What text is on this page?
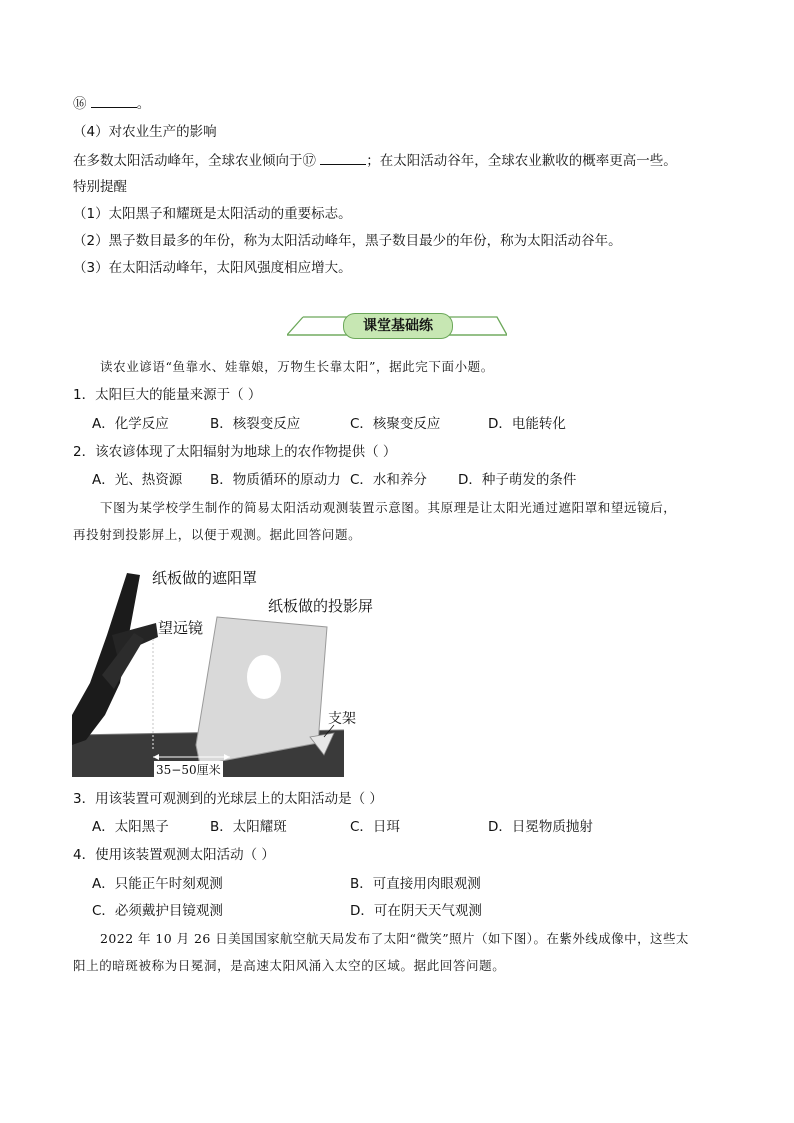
⑯	。
（4）对农业生产的影响
在多数太阳活动峰年，全球农业倾向于⑰	；在太阳活动谷年，全球农业歉收的概率更高一些。
特别提醒
（1）太阳黑子和耀斑是太阳活动的重要标志。
（2）黑子数目最多的年份，称为太阳活动峰年，黑子数目最少的年份，称为太阳活动谷年。
（3）在太阳活动峰年，太阳风强度相应增大。
课堂基础练
读农业谚语“鱼靠水、娃靠娘，万物生长靠太阳”，据此完下面小题。
1．太阳巨大的能量来源于（ ）
A．化学反应	B．核裂变反应	C．核聚变反应	D．电能转化
2．该农谚体现了太阳辐射为地球上的农作物提供（ ）
A．光、热资源 B．物质循环的原动力 C．水和养分 D．种子萌发的条件
下图为某学校学生制作的简易太阳活动观测装置示意图。其原理是让太阳光通过遮阳罩和望远镜后，
再投射到投影屏上，以便于观测。据此回答问题。
纸板做的遮阳罩
纸板做的投影屏
望远镜
支架
35−50厘米
3．用该装置可观测到的光球层上的太阳活动是（ ）
A．太阳黑子	B．太阳耀斑	C．日珥	D．日冕物质抛射
4．使用该装置观测太阳活动（ ）
A．只能正午时刻观测	B．可直接用肉眼观测
C．必须戴护目镜观测	D．可在阴天天气观测
2022 年 10 月 26 日美国国家航空航天局发布了太阳“微笑”照片（如下图）。在紫外线成像中，这些太
阳上的暗斑被称为日冕洞，是高速太阳风涌入太空的区域。据此回答问题。
